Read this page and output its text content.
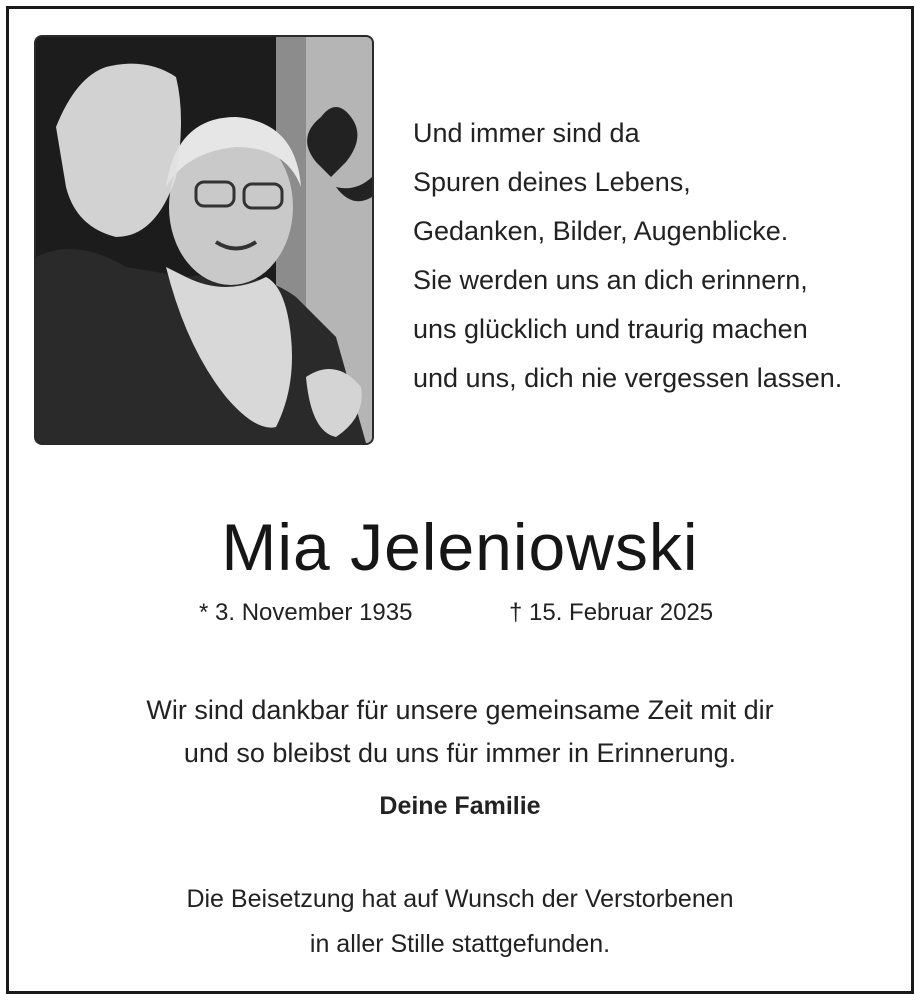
Und immer sind da
Spuren deines Lebens,
Gedanken, Bilder, Augenblicke.
Sie werden uns an dich erinnern,
uns glücklich und traurig machen
und uns, dich nie vergessen lassen.
Mia Jeleniowski
* 3. November 1935	† 15. Februar 2025
Wir sind dankbar für unsere gemeinsame Zeit mit dir
und so bleibst du uns für immer in Erinnerung.
Deine Familie
Die Beisetzung hat auf Wunsch der Verstorbenen
in aller Stille stattgefunden.
